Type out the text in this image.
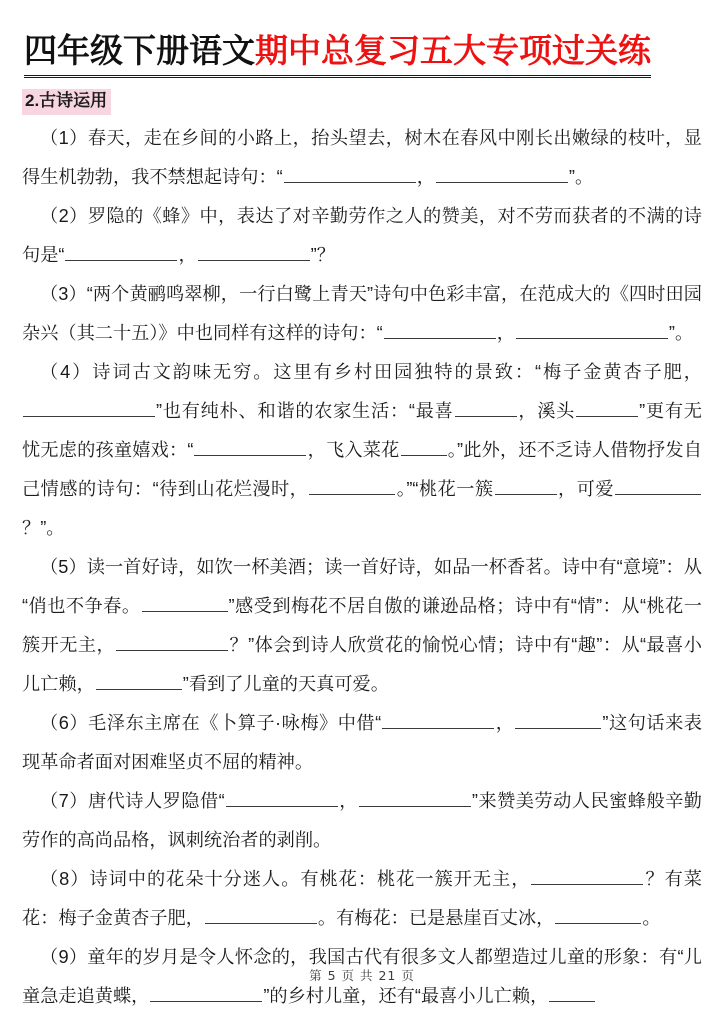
四年级下册语文期中总复习五大专项过关练
2.古诗运用

（1）春天，走在乡间的小路上，抬头望去，树木在春风中刚长出嫩绿的枝叶，显得生机勃勃，我不禁想起诗句：“	，	”。

（2）罗隐的《蜂》中，表达了对辛勤劳作之人的赞美，对不劳而获者的不满的诗句是“	，	”？

（3）“两个黄鹂鸣翠柳，一行白鹭上青天”诗句中色彩丰富，在范成大的《四时田园杂兴（其二十五）》中也同样有这样的诗句：“	，	”。

（4）诗词古文韵味无穷。这里有乡村田园独特的景致：“梅子金黄杏子肥，”也有纯朴、和谐的农家生活：“最喜	，溪头	”更有无忧无虑的孩童嬉戏：“	，飞入菜花	。”此外，还不乏诗人借物抒发自己情感的诗句：“待到山花烂漫时，	。”“桃花一簇	，可爱？”。

（5）读一首好诗，如饮一杯美酒；读一首好诗，如品一杯香茗。诗中有“意境”：从“俏也不争春。	”感受到梅花不居自傲的谦逊品格；诗中有“情”：从“桃花一簇开无主，	？”体会到诗人欣赏花的愉悦心情；诗中有“趣”：从“最喜小儿亡赖，	”看到了儿童的天真可爱。

（6）毛泽东主席在《卜算子·咏梅》中借“	，	”这句话来表现革命者面对困难坚贞不屈的精神。

（7）唐代诗人罗隐借“	，	”来赞美劳动人民蜜蜂般辛勤劳作的高尚品格，讽刺统治者的剥削。

（8）诗词中的花朵十分迷人。有桃花：桃花一簇开无主，	？有菜花：梅子金黄杏子肥，	。有梅花：已是悬崖百丈冰，	。

（9）童年的岁月是令人怀念的，我国古代有很多文人都塑造过儿童的形象：有“儿童急走追黄蝶，	”的乡村儿童，还有“最喜小儿亡赖，

第 5 页 共 21 页
